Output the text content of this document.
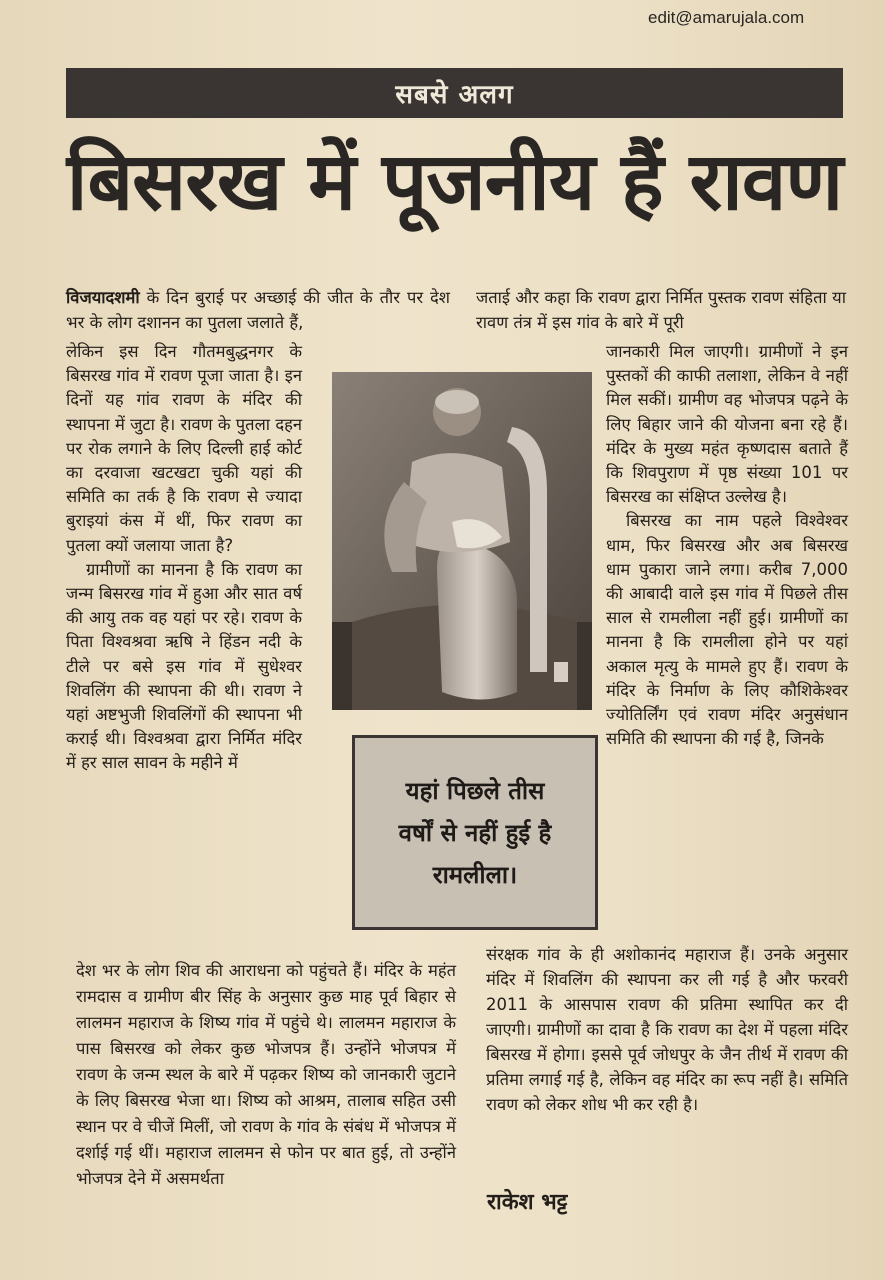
edit@amarujala.com
सबसे अलग
बिसरख में पूजनीय हैं रावण

विजयादशमी के दिन बुराई पर अच्छाई की जीत के तौर पर देश भर के लोग दशानन का पुतला जलाते हैं,

लेकिन इस दिन गौतमबुद्धनगर के बिसरख गांव में रावण पूजा जाता है। इन दिनों यह गांव रावण के मंदिर की स्थापना में जुटा है। रावण के पुतला दहन पर रोक लगाने के लिए दिल्ली हाई कोर्ट का दरवाजा खटखटा चुकी यहां की समिति का तर्क है कि रावण से ज्यादा बुराइयां कंस में थीं, फिर रावण का पुतला क्यों जलाया जाता है?

ग्रामीणों का मानना है कि रावण का जन्म बिसरख गांव में हुआ और सात वर्ष की आयु तक वह यहां पर रहे। रावण के पिता विश्वश्रवा ऋषि ने हिंडन नदी के टीले पर बसे इस गांव में सुधेश्वर शिवलिंग की स्थापना की थी। रावण ने यहां अष्टभुजी शिवलिंगों की स्थापना भी कराई थी। विश्वश्रवा द्वारा निर्मित मंदिर में हर साल सावन के महीने में

देश भर के लोग शिव की आराधना को पहुंचते हैं। मंदिर के महंत रामदास व ग्रामीण बीर सिंह के अनुसार कुछ माह पूर्व बिहार से लालमन महाराज के शिष्य गांव में पहुंचे थे। लालमन महाराज के पास बिसरख को लेकर कुछ भोजपत्र हैं। उन्होंने भोजपत्र में रावण के जन्म स्थल के बारे में पढ़कर शिष्य को जानकारी जुटाने के लिए बिसरख भेजा था। शिष्य को आश्रम, तालाब सहित उसी स्थान पर वे चीजें मिलीं, जो रावण के गांव के संबंध में भोजपत्र में दर्शाई गई थीं। महाराज लालमन से फोन पर बात हुई, तो उन्होंने भोजपत्र देने में असमर्थता
जताई और कहा कि रावण द्वारा निर्मित पुस्तक रावण संहिता या रावण तंत्र में इस गांव के बारे में पूरी

जानकारी मिल जाएगी। ग्रामीणों ने इन पुस्तकों की काफी तलाशा, लेकिन वे नहीं मिल सकीं। ग्रामीण वह भोजपत्र पढ़ने के लिए बिहार जाने की योजना बना रहे हैं। मंदिर के मुख्य महंत कृष्णदास बताते हैं कि शिवपुराण में पृष्ठ संख्या 101 पर बिसरख का संक्षिप्त उल्लेख है।

बिसरख का नाम पहले विश्वेश्वर धाम, फिर बिसरख और अब बिसरख धाम पुकारा जाने लगा। करीब 7,000 की आबादी वाले इस गांव में पिछले तीस साल से रामलीला नहीं हुई। ग्रामीणों का मानना है कि रामलीला होने पर यहां अकाल मृत्यु के मामले हुए हैं। रावण के मंदिर के निर्माण के लिए कौशिकेश्वर ज्योतिर्लिंग एवं रावण मंदिर अनुसंधान समिति की स्थापना की गई है, जिनके

संरक्षक गांव के ही अशोकानंद महाराज हैं। उनके अनुसार मंदिर में शिवलिंग की स्थापना कर ली गई है और फरवरी 2011 के आसपास रावण की प्रतिमा स्थापित कर दी जाएगी। ग्रामीणों का दावा है कि रावण का देश में पहला मंदिर बिसरख में होगा। इससे पूर्व जोधपुर के जैन तीर्थ में रावण की प्रतिमा लगाई गई है, लेकिन वह मंदिर का रूप नहीं है। समिति रावण को लेकर शोध भी कर रही है।
यहां पिछले तीस
वर्षों से नहीं हुई है
रामलीला।
राकेश भट्ट
